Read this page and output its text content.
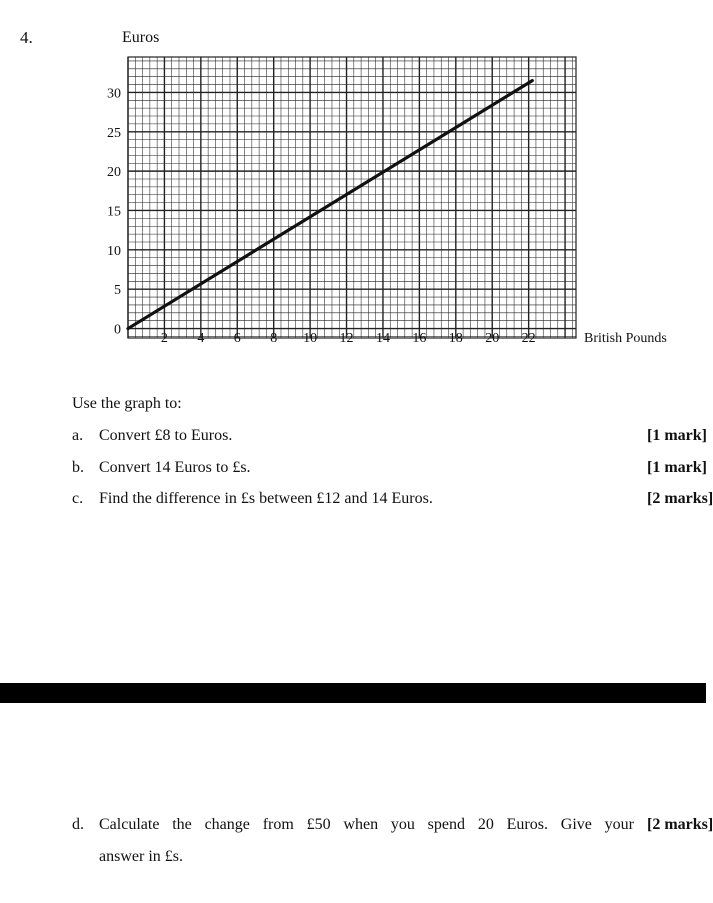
4.
2 4 6 8 10 12 14 16 18 20 22
0
5
10
15
20
25
30
Euros
British Pounds
Use the graph to:
a. Convert £8 to Euros.	[1 mark]
b. Convert 14 Euros to £s.	[1 mark]
c. Find the difference in £s between £12 and 14 Euros.	[2 marks]
d. Calculate the change from £50 when you spend 20 Euros. Give your
answer in £s.
[2 marks]
